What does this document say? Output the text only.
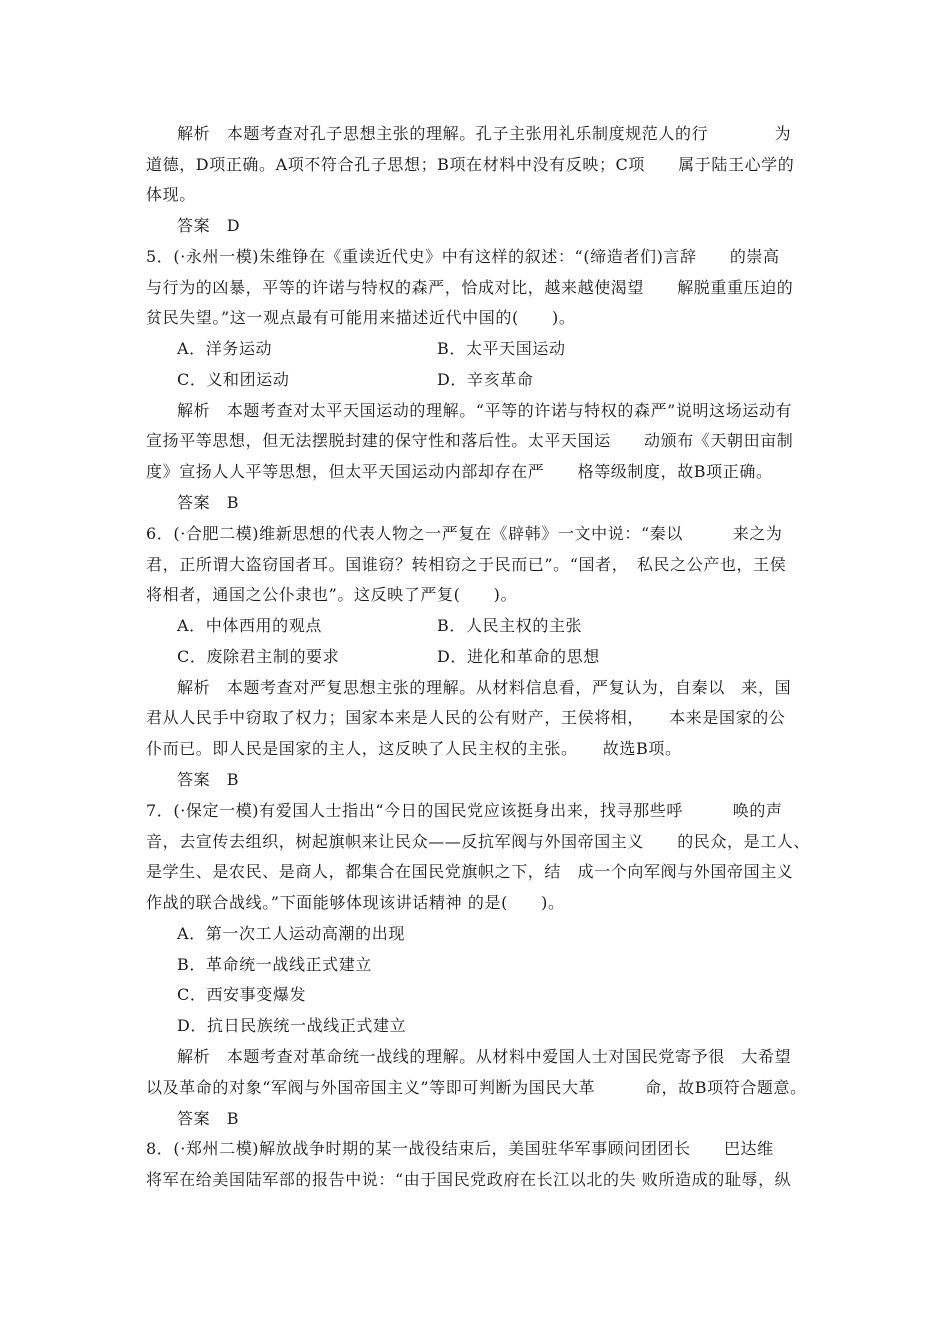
解析　本题考查对孔子思想主张的理解。孔子主张用礼乐制度规范人的行　　　　为
道德，D项正确。A项不符合孔子思想；B项在材料中没有反映；C项　　属于陆王心学的
体现。
答案　D
5．(·永州一模)朱维铮在《重读近代史》中有这样的叙述：“(缔造者们)言辞　　的崇高
与行为的凶暴，平等的许诺与特权的森严，恰成对比，越来越使渴望　　解脱重重压迫的
贫民失望。”这一观点最有可能用来描述近代中国的(　　)。
A．洋务运动	B．太平天国运动
C．义和团运动	D．辛亥革命
解析　本题考查对太平天国运动的理解。“平等的许诺与特权的森严”说明这场运动有
宣扬平等思想，但无法摆脱封建的保守性和落后性。太平天国运　　动颁布《天朝田亩制
度》宣扬人人平等思想，但太平天国运动内部却存在严　　格等级制度，故B项正确。
答案　B
6．(·合肥二模)维新思想的代表人物之一严复在《辟韩》一文中说：“秦以　　　来之为
君，正所谓大盗窃国者耳。国谁窃？转相窃之于民而已”。“国者，　私民之公产也，王侯
将相者，通国之公仆隶也”。这反映了严复(　　)。
A．中体西用的观点	B．人民主权的主张
C．废除君主制的要求	D．进化和革命的思想
解析　本题考查对严复思想主张的理解。从材料信息看，严复认为，自秦以　来，国
君从人民手中窃取了权力；国家本来是人民的公有财产，王侯将相，　　本来是国家的公
仆而已。即人民是国家的主人，这反映了人民主权的主张。　　故选B项。
答案　B
7．(·保定一模)有爱国人士指出“今日的国民党应该挺身出来，找寻那些呼　　　唤的声
音，去宣传去组织，树起旗帜来让民众——反抗军阀与外国帝国主义　　的民众，是工人、
是学生、是农民、是商人，都集合在国民党旗帜之下，结　成一个向军阀与外国帝国主义
作战的联合战线。”下面能够体现该讲话精神 的是(　　)。
A．第一次工人运动高潮的出现
B．革命统一战线正式建立
C．西安事变爆发
D．抗日民族统一战线正式建立
解析　本题考查对革命统一战线的理解。从材料中爱国人士对国民党寄予很　大希望
以及革命的对象“军阀与外国帝国主义”等即可判断为国民大革　　　命，故B项符合题意。
答案　B
8．(·郑州二模)解放战争时期的某一战役结束后，美国驻华军事顾问团团长　　巴达维
将军在给美国陆军部的报告中说：“由于国民党政府在长江以北的失 败所造成的耻辱，纵
